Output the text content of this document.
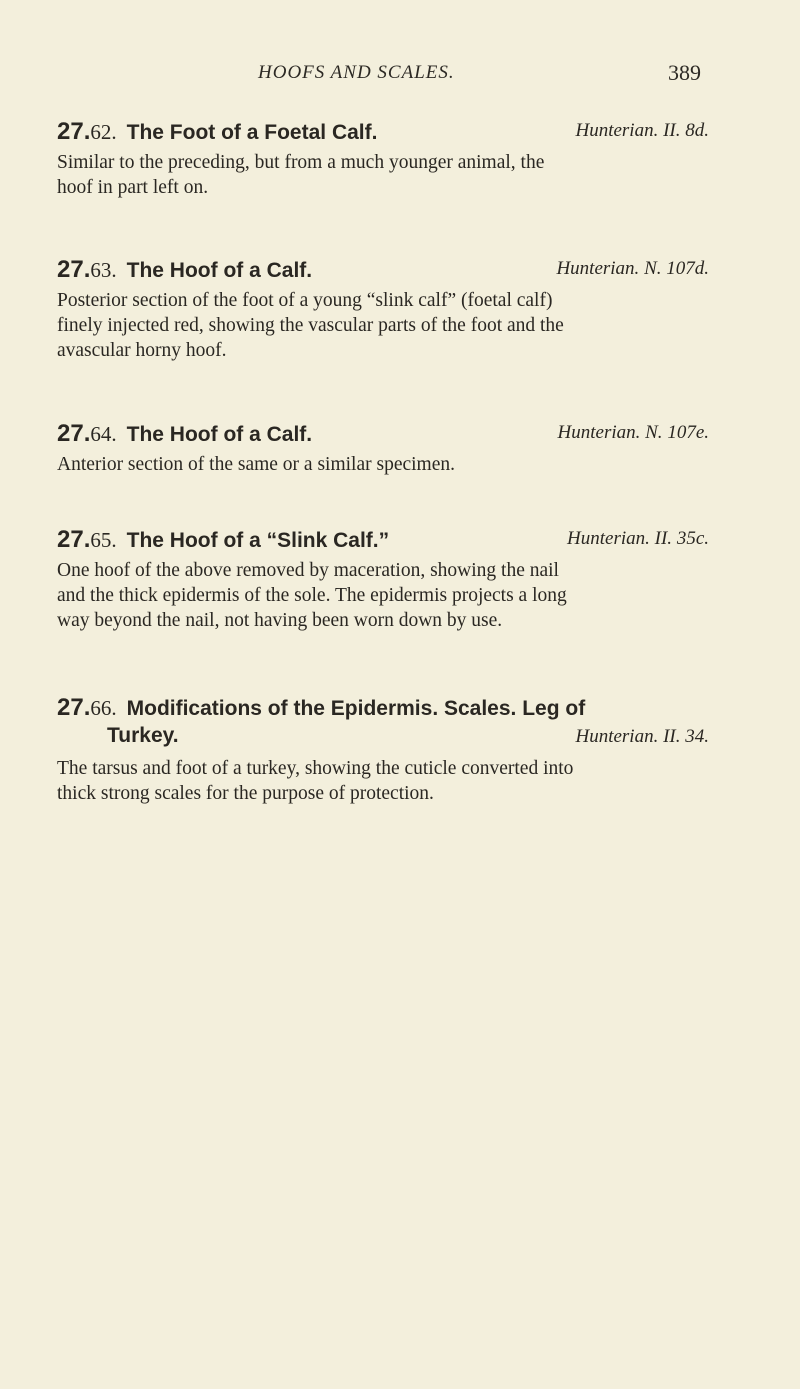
HOOFS AND SCALES.	389
27.62. The Foot of a Foetal Calf.	Hunterian. II. 8d.
Similar to the preceding, but from a much younger animal, the
hoof in part left on.
27.63. The Hoof of a Calf.	Hunterian. N. 107d.
Posterior section of the foot of a young “slink calf” (foetal calf)
finely injected red, showing the vascular parts of the foot and the
avascular horny hoof.
27.64. The Hoof of a Calf.	Hunterian. N. 107e.
Anterior section of the same or a similar specimen.
27.65. The Hoof of a “Slink Calf.”	Hunterian. II. 35c.
One hoof of the above removed by maceration, showing the nail
and the thick epidermis of the sole. The epidermis projects a long
way beyond the nail, not having been worn down by use.
27.66. Modifications of the Epidermis. Scales. Leg of
Turkey.	Hunterian. II. 34.
The tarsus and foot of a turkey, showing the cuticle converted into
thick strong scales for the purpose of protection.
